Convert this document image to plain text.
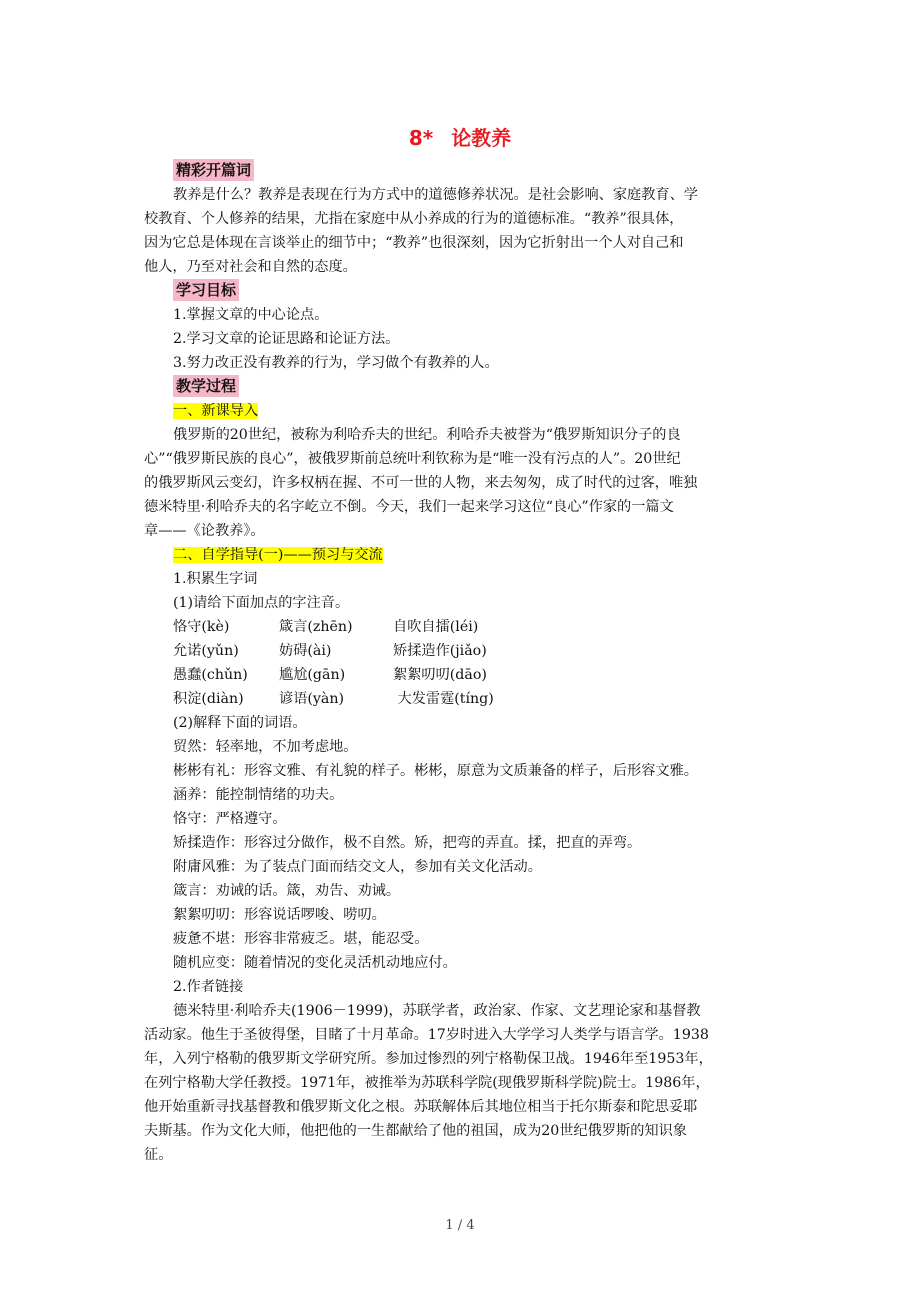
8* 论教养
精彩开篇词
教养是什么？教养是表现在行为方式中的道德修养状况。是社会影响、家庭教育、学
校教育、个人修养的结果，尤指在家庭中从小养成的行为的道德标准。“教养”很具体，
因为它总是体现在言谈举止的细节中；“教养”也很深刻，因为它折射出一个人对自己和
他人，乃至对社会和自然的态度。
学习目标
1.掌握文章的中心论点。
2.学习文章的论证思路和论证方法。
3.努力改正没有教养的行为，学习做个有教养的人。
教学过程
一、新课导入
俄罗斯的20世纪，被称为利哈乔夫的世纪。利哈乔夫被誉为“俄罗斯知识分子的良
心”“俄罗斯民族的良心”，被俄罗斯前总统叶利钦称为是“唯一没有污点的人”。20世纪
的俄罗斯风云变幻，许多权柄在握、不可一世的人物，来去匆匆，成了时代的过客，唯独
德米特里·利哈乔夫的名字屹立不倒。今天，我们一起来学习这位“良心”作家的一篇文
章——《论教养》。
二、自学指导(一)——预习与交流
1.积累生字词
(1)请给下面加点的字注音。
恪守(kè)	箴言(zhēn)	自吹自擂(léi)
允诺(yǔn)	妨碍(ài)	矫揉造作(jiǎo)
愚蠢(chǔn)	尴尬(gān)	絮絮叨叨(dāo)
积淀(diàn)	谚语(yàn)	大发雷霆(tíng)
(2)解释下面的词语。
贸然：轻率地，不加考虑地。
彬彬有礼：形容文雅、有礼貌的样子。彬彬，原意为文质兼备的样子，后形容文雅。
涵养：能控制情绪的功夫。
恪守：严格遵守。
矫揉造作：形容过分做作，极不自然。矫，把弯的弄直。揉，把直的弄弯。
附庸风雅：为了装点门面而结交文人，参加有关文化活动。
箴言：劝诫的话。箴，劝告、劝诫。
絮絮叨叨：形容说话啰唆、唠叨。
疲惫不堪：形容非常疲乏。堪，能忍受。
随机应变：随着情况的变化灵活机动地应付。
2.作者链接
德米特里·利哈乔夫(1906－1999)，苏联学者，政治家、作家、文艺理论家和基督教
活动家。他生于圣彼得堡，目睹了十月革命。17岁时进入大学学习人类学与语言学。1938
年，入列宁格勒的俄罗斯文学研究所。参加过惨烈的列宁格勒保卫战。1946年至1953年，
在列宁格勒大学任教授。1971年，被推举为苏联科学院(现俄罗斯科学院)院士。1986年，
他开始重新寻找基督教和俄罗斯文化之根。苏联解体后其地位相当于托尔斯泰和陀思妥耶
夫斯基。作为文化大师，他把他的一生都献给了他的祖国，成为20世纪俄罗斯的知识象
征。
1 / 4
